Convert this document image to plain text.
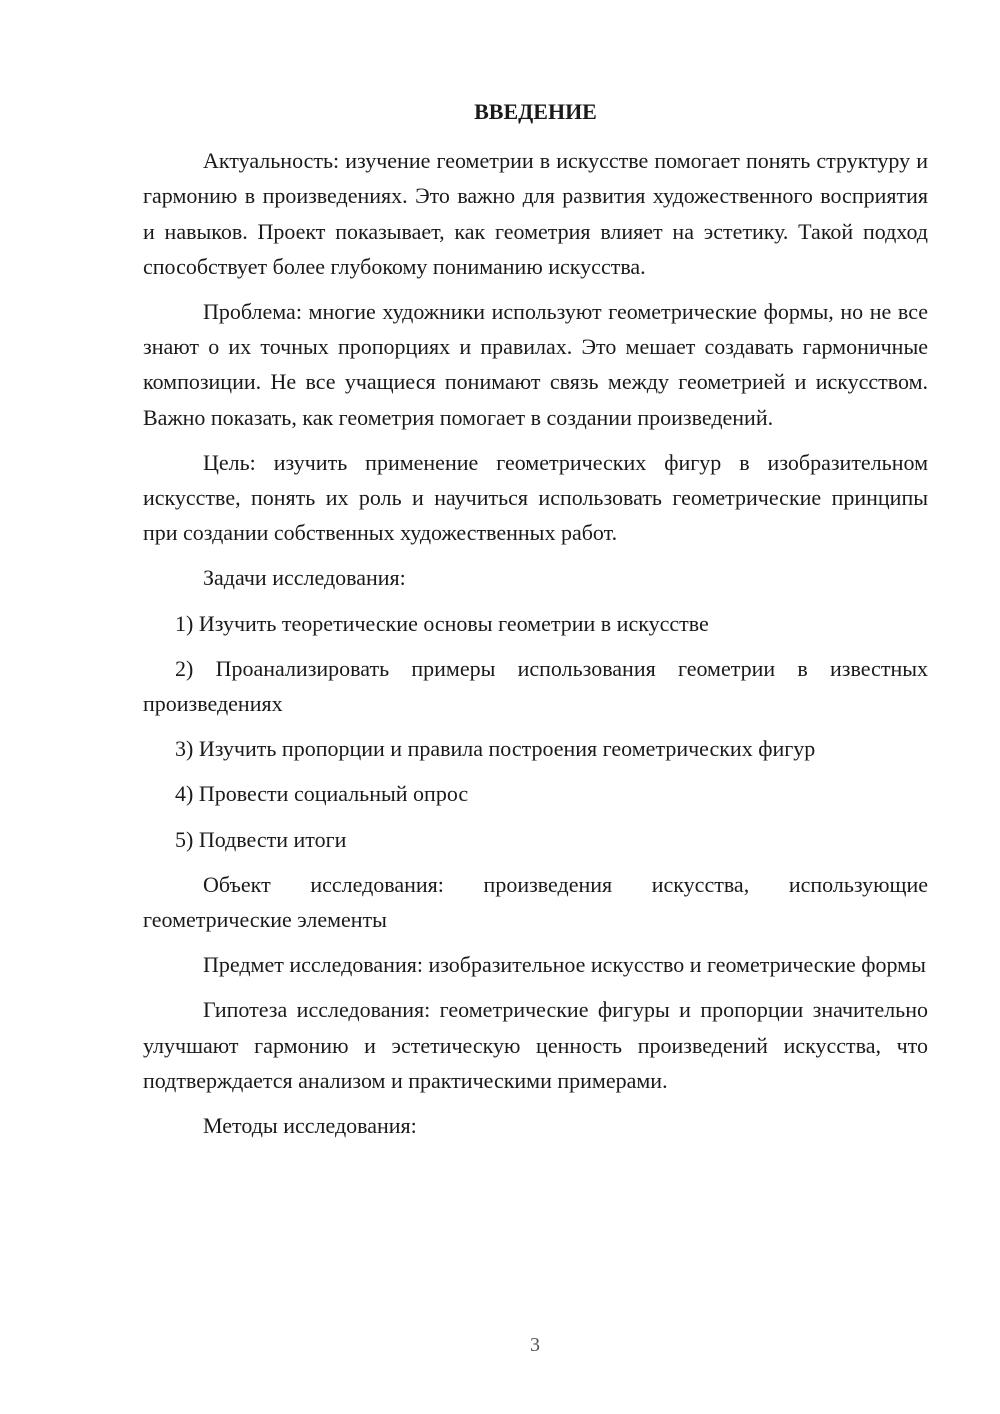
ВВЕДЕНИЕ

Актуальность: изучение геометрии в искусстве помогает понять структуру и гармонию в произведениях. Это важно для развития художественного восприятия и навыков. Проект показывает, как геометрия влияет на эстетику. Такой подход способствует более глубокому пониманию искусства.

Проблема: многие художники используют геометрические формы, но не все знают о их точных пропорциях и правилах. Это мешает создавать гармоничные композиции. Не все учащиеся понимают связь между геометрией и искусством. Важно показать, как геометрия помогает в создании произведений.

Цель: изучить применение геометрических фигур в изобразительном искусстве, понять их роль и научиться использовать геометрические принципы при создании собственных художественных работ.

Задачи исследования:

1) Изучить теоретические основы геометрии в искусстве

2) Проанализировать примеры использования геометрии в известных произведениях

3) Изучить пропорции и правила построения геометрических фигур

4) Провести социальный опрос

5) Подвести итоги

Объект исследования: произведения искусства, использующие геометрические элементы

Предмет исследования: изобразительное искусство и геометрические формы

Гипотеза исследования: геометрические фигуры и пропорции значительно улучшают гармонию и эстетическую ценность произведений искусства, что подтверждается анализом и практическими примерами.

Методы исследования:

3
